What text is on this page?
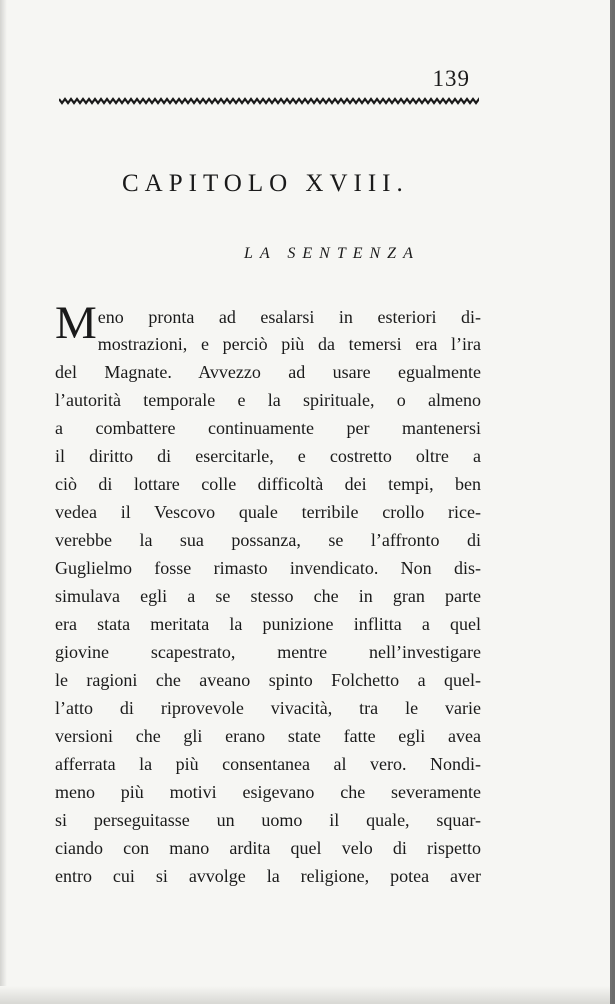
139
CAPITOLO XVIII.
LA SENTENZA
M eno pronta ad esalarsi in esteriori di-
mostrazioni, e perciò più da temersi era l’ira
del Magnate. Avvezzo ad usare egualmente
l’autorità temporale e la spirituale, o almeno
a combattere continuamente per mantenersi
il diritto di esercitarle, e costretto oltre a
ciò di lottare colle difficoltà dei tempi, ben
vedea il Vescovo quale terribile crollo rice-
verebbe la sua possanza, se l’affronto di
Guglielmo fosse rimasto invendicato. Non dis-
simulava egli a se stesso che in gran parte
era stata meritata la punizione inflitta a quel
giovine scapestrato, mentre nell’investigare
le ragioni che aveano spinto Folchetto a quel-
l’atto di riprovevole vivacità, tra le varie
versioni che gli erano state fatte egli avea
afferrata la più consentanea al vero. Nondi-
meno più motivi esigevano che severamente
si perseguitasse un uomo il quale, squar-
ciando con mano ardita quel velo di rispetto
entro cui si avvolge la religione, potea aver
